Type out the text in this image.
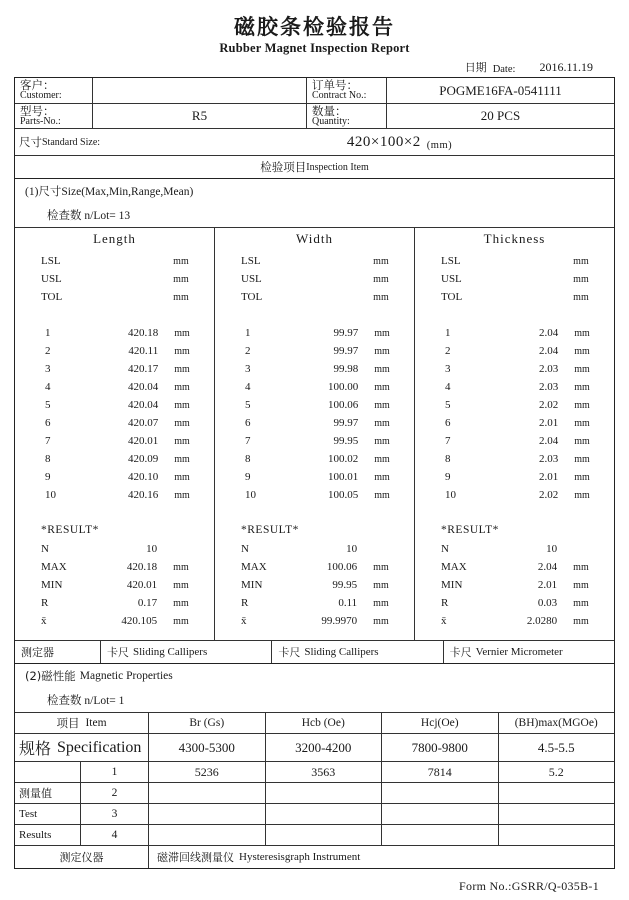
磁胶条检验报告
Rubber Magnet Inspection Report
日期 Date: 2016.11.19
客户：
Customer:
订单号：
Contract No.:	POGME16FA-0541111
型号：
Parts-No.:	R5	数量：
Quantity:	20 PCS
尺寸 Standard Size:	420×100×2 (mm)
检验项目 Inspection Item
(1)尺寸Size(Max,Min,Range,Mean)
检查数 n/Lot= 13
Length
LSL	mm
USL	mm
TOL	mm
1	420.18	mm
2	420.11	mm
3	420.17	mm
4	420.04	mm
5	420.04	mm
6	420.07	mm
7	420.01	mm
8	420.09	mm
9	420.10	mm
10	420.16	mm
*RESULT*
N	10
MAX	420.18	mm
MIN	420.01	mm
R	0.17	mm
x̄	420.105	mm
Width
LSL	mm
USL	mm
TOL	mm
1	99.97	mm
2	99.97	mm
3	99.98	mm
4	100.00	mm
5	100.06	mm
6	99.97	mm
7	99.95	mm
8	100.02	mm
9	100.01	mm
10	100.05	mm
*RESULT*
N	10
MAX	100.06	mm
MIN	99.95	mm
R	0.11	mm
x̄	99.9970	mm
Thickness
LSL	mm
USL	mm
TOL	mm
1	2.04	mm
2	2.04	mm
3	2.03	mm
4	2.03	mm
5	2.02	mm
6	2.01	mm
7	2.04	mm
8	2.03	mm
9	2.01	mm
10	2.02	mm
*RESULT*
N	10
MAX	2.04	mm
MIN	2.01	mm
R	0.03	mm
x̄	2.0280	mm
测定器	卡尺 Sliding Callipers	卡尺 Sliding Callipers	卡尺 Vernier Micrometer
(2)磁性能 Magnetic Properties
检查数 n/Lot= 1
项目 Item	Br (Gs)	Hcb (Oe)	Hcj(Oe)	(BH)max(MGOe)
规格 Specification	4300-5300	3200-4200	7800-9800	4.5-5.5
1	5236	3563	7814	5.2
测量值	2
Test	3
Results	4
测定仪器	磁滞回线测量仪 Hysteresisgraph Instrument
Form No.:GSRR/Q-035B-1
